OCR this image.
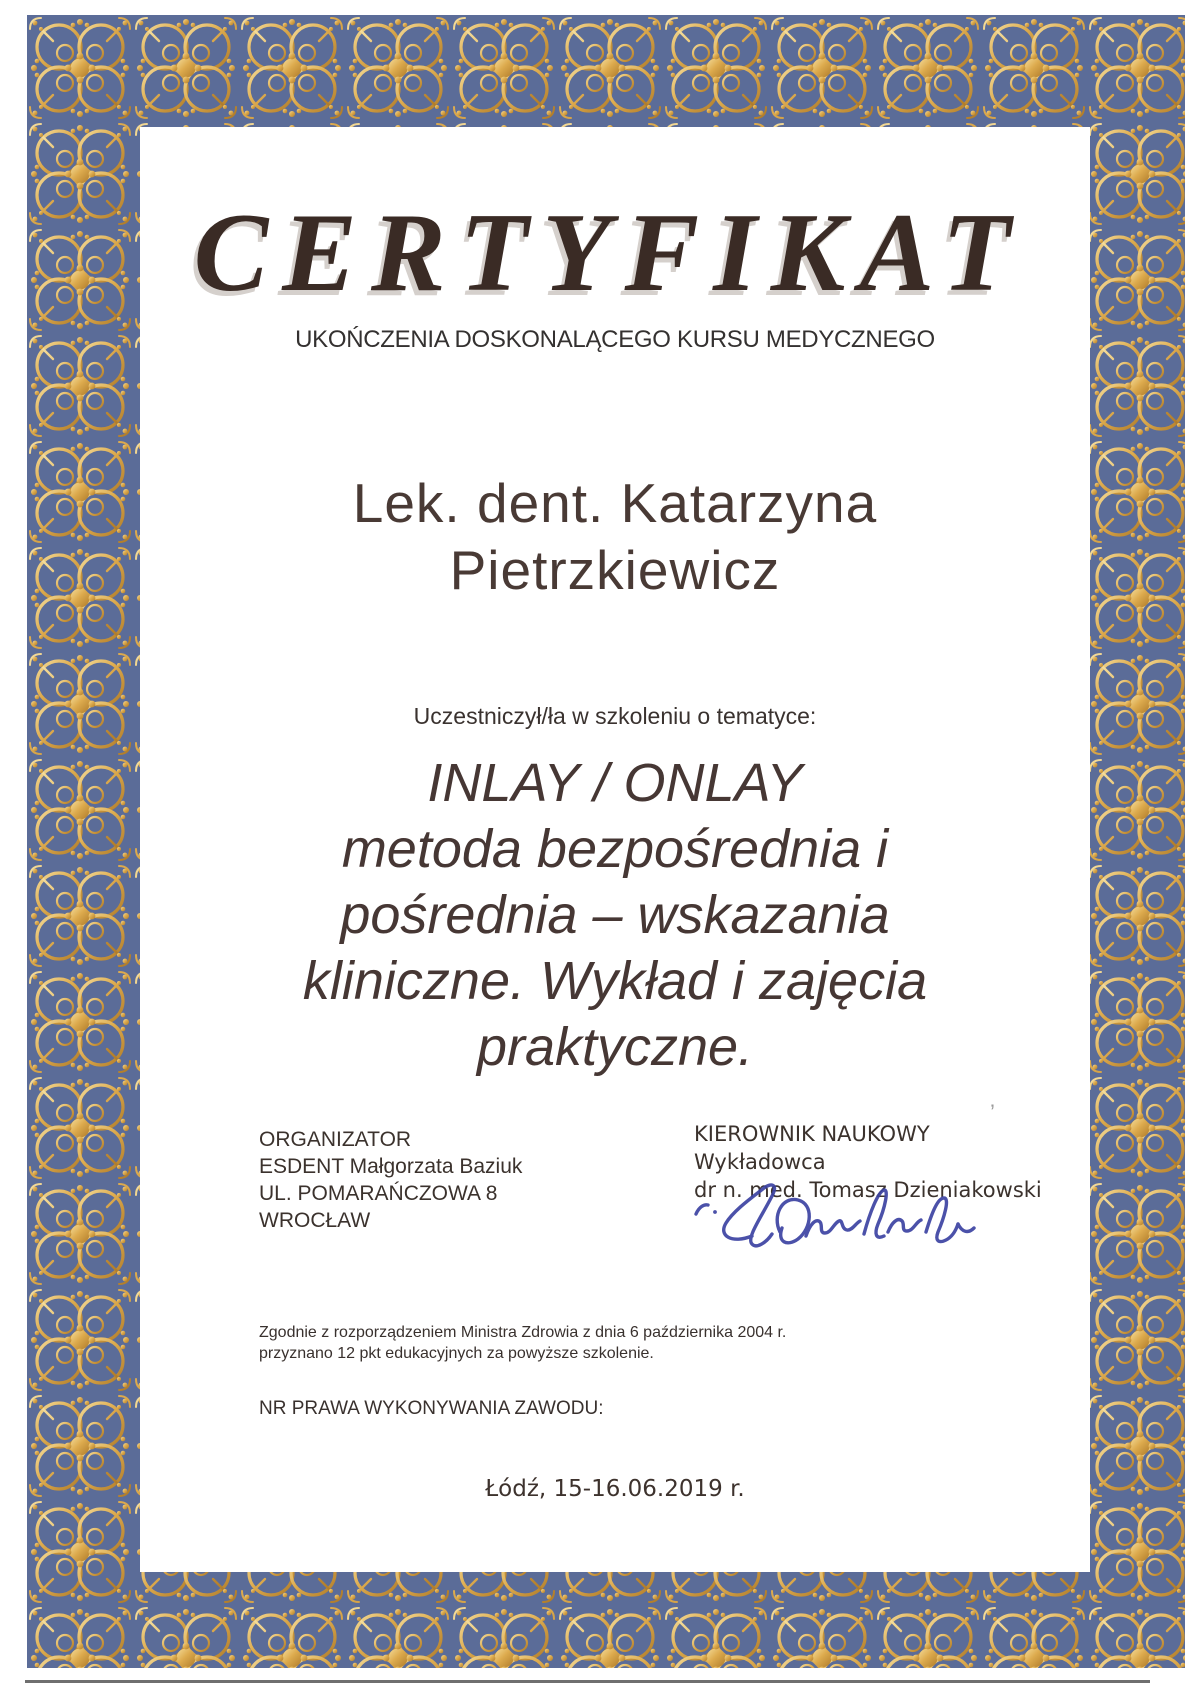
CERTYFIKAT
UKOŃCZENIA DOSKONALĄCEGO KURSU MEDYCZNEGO
Lek. dent. Katarzyna
Pietrzkiewicz
Uczestniczył/ła w szkoleniu o tematyce:
INLAY / ONLAY
metoda bezpośrednia i
pośrednia – wskazania
kliniczne. Wykład i zajęcia
praktyczne.
ORGANIZATOR
ESDENT Małgorzata Baziuk
UL. POMARAŃCZOWA 8
WROCŁAW
KIEROWNIK NAUKOWY
Wykładowca
dr n. med. Tomasz Dzieniakowski
’
Zgodnie z rozporządzeniem Ministra Zdrowia z dnia 6 października 2004 r.
przyznano 12 pkt edukacyjnych za powyższe szkolenie.
NR PRAWA WYKONYWANIA ZAWODU:
Łódź, 15-16.06.2019 r.
